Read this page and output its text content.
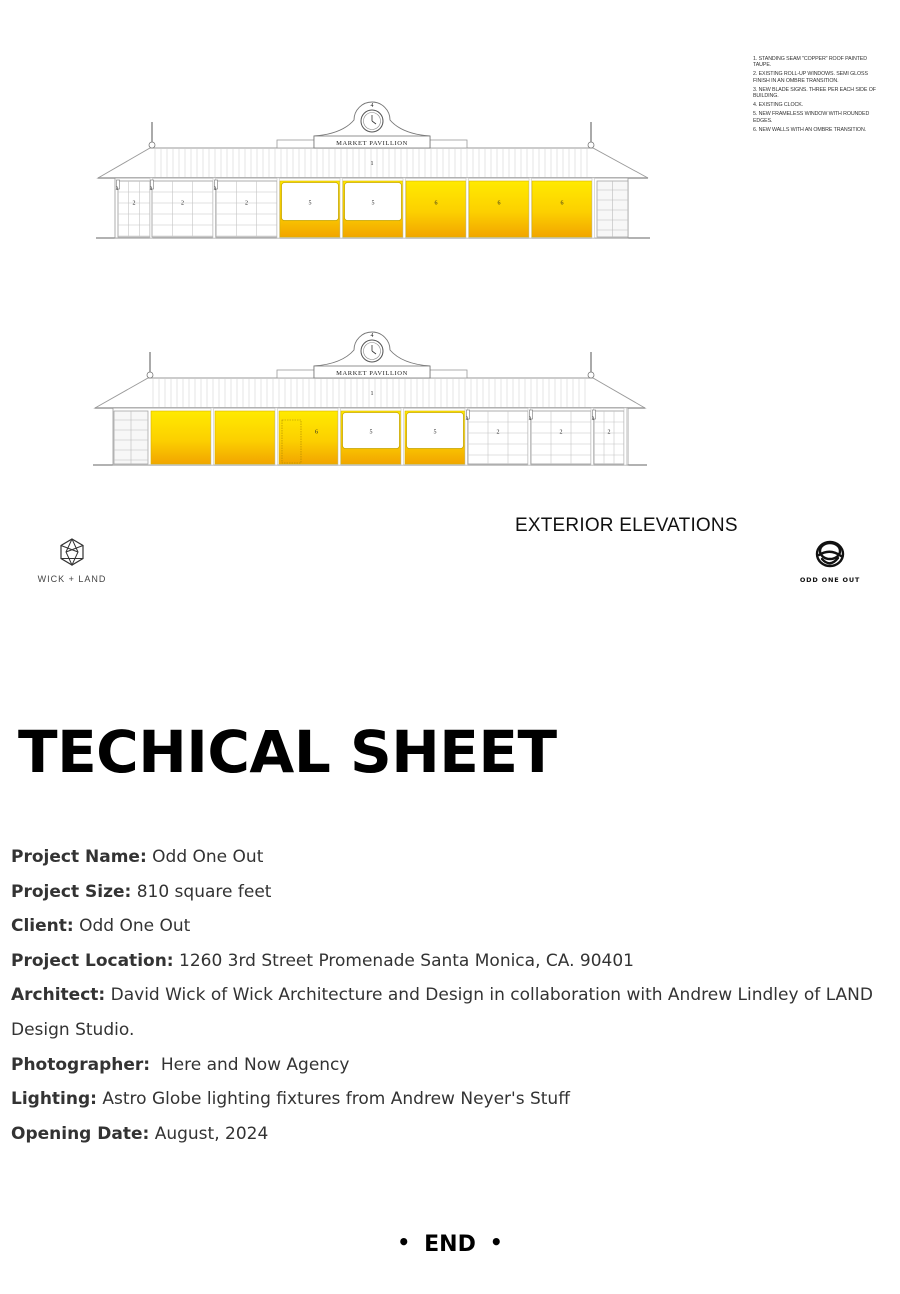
MARKET PAVILLION
4
1
2	2	2	5	5	6	6	6
3	3	3
MARKET PAVILLION
4
1
6	5	5	2	2	2
3	3	3
1. STANDING SEAM "COPPER" ROOF PAINTED TAUPE.
2. EXISTING ROLL-UP WINDOWS. SEMI GLOSS FINISH IN AN OMBRE TRANSITION.
3. NEW BLADE SIGNS. THREE PER EACH SIDE OF BUILDING.
4. EXISTING CLOCK.
5. NEW FRAMELESS WINDOW WITH ROUNDED EDGES.
6. NEW WALLS WITH AN OMBRE TRANSITION.
EXTERIOR ELEVATIONS
WICK + LAND	ODD ONE OUT
TECHICAL SHEET

Project Name: Odd One Out

Project Size: 810 square feet

Client: Odd One Out

Project Location: 1260 3rd Street Promenade Santa Monica, CA. 90401

Architect: David Wick of Wick Architecture and Design in collaboration with Andrew Lindley of LAND Design Studio.

Photographer:  Here and Now Agency

Lighting: Astro Globe lighting fixtures from Andrew Neyer's Stuff

Opening Date: August, 2024

• END •
